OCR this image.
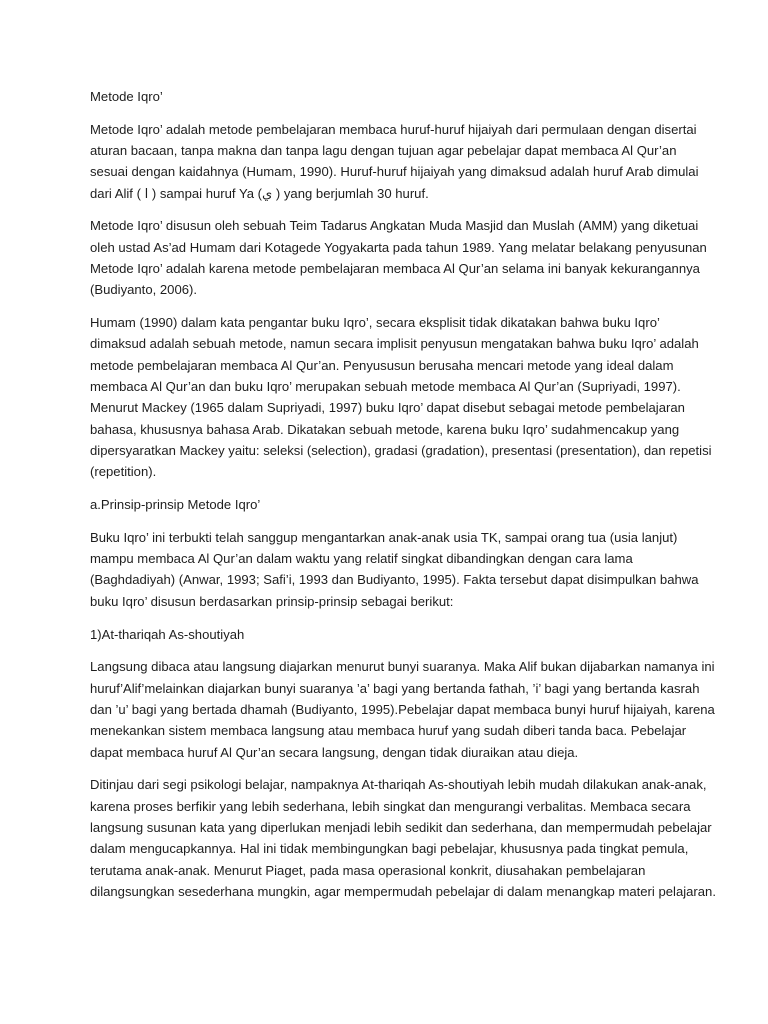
Metode Iqro’

Metode Iqro’ adalah metode pembelajaran membaca huruf-huruf hijaiyah dari permulaan dengan disertai aturan bacaan, tanpa makna dan tanpa lagu dengan tujuan agar pebelajar dapat membaca Al Qur’an sesuai dengan kaidahnya (Humam, 1990). Huruf-huruf hijaiyah yang dimaksud adalah huruf Arab dimulai dari Alif ( ا ) sampai huruf Ya (ي ) yang berjumlah 30 huruf.

Metode Iqro’ disusun oleh sebuah Teim Tadarus Angkatan Muda Masjid dan Muslah (AMM) yang diketuai oleh ustad As’ad Humam dari Kotagede Yogyakarta pada tahun 1989. Yang melatar belakang penyusunan Metode Iqro’ adalah karena metode pembelajaran membaca Al Qur’an selama ini banyak kekurangannya (Budiyanto, 2006).

Humam (1990) dalam kata pengantar buku Iqro’, secara eksplisit tidak dikatakan bahwa buku Iqro’ dimaksud adalah sebuah metode, namun secara implisit penyusun mengatakan bahwa buku Iqro’ adalah metode pembelajaran membaca Al Qur’an. Penyususun berusaha mencari metode yang ideal dalam membaca Al Qur’an dan buku Iqro’ merupakan sebuah metode membaca Al Qur’an (Supriyadi, 1997). Menurut Mackey (1965 dalam Supriyadi, 1997) buku Iqro’ dapat disebut sebagai metode pembelajaran bahasa, khususnya bahasa Arab. Dikatakan sebuah metode, karena buku Iqro’ sudahmencakup yang dipersyaratkan Mackey yaitu: seleksi (selection), gradasi (gradation), presentasi (presentation), dan repetisi (repetition).

a.Prinsip-prinsip Metode Iqro’

Buku Iqro’ ini terbukti telah sanggup mengantarkan anak-anak usia TK, sampai orang tua (usia lanjut) mampu membaca Al Qur’an dalam waktu yang relatif singkat dibandingkan dengan cara lama (Baghdadiyah) (Anwar, 1993; Safi’i, 1993 dan Budiyanto, 1995). Fakta tersebut dapat disimpulkan bahwa buku Iqro’ disusun berdasarkan prinsip-prinsip sebagai berikut:

1)At-thariqah As-shoutiyah

Langsung dibaca atau langsung diajarkan menurut bunyi suaranya. Maka Alif bukan dijabarkan namanya ini huruf’Alif’melainkan diajarkan bunyi suaranya ’a’ bagi yang bertanda fathah, ’i’ bagi yang bertanda kasrah dan ’u’ bagi yang bertada dhamah (Budiyanto, 1995).Pebelajar dapat membaca bunyi huruf hijaiyah, karena menekankan sistem membaca langsung atau membaca huruf yang sudah diberi tanda baca. Pebelajar dapat membaca huruf Al Qur’an secara langsung, dengan tidak diuraikan atau dieja.

Ditinjau dari segi psikologi belajar, nampaknya At-thariqah As-shoutiyah lebih mudah dilakukan anak-anak, karena proses berfikir yang lebih sederhana, lebih singkat dan mengurangi verbalitas. Membaca secara langsung susunan kata yang diperlukan menjadi lebih sedikit dan sederhana, dan mempermudah pebelajar dalam mengucapkannya. Hal ini tidak membingungkan bagi pebelajar, khususnya pada tingkat pemula, terutama anak-anak. Menurut Piaget, pada masa operasional konkrit, diusahakan pembelajaran dilangsungkan sesederhana mungkin, agar mempermudah pebelajar di dalam menangkap materi pelajaran.
